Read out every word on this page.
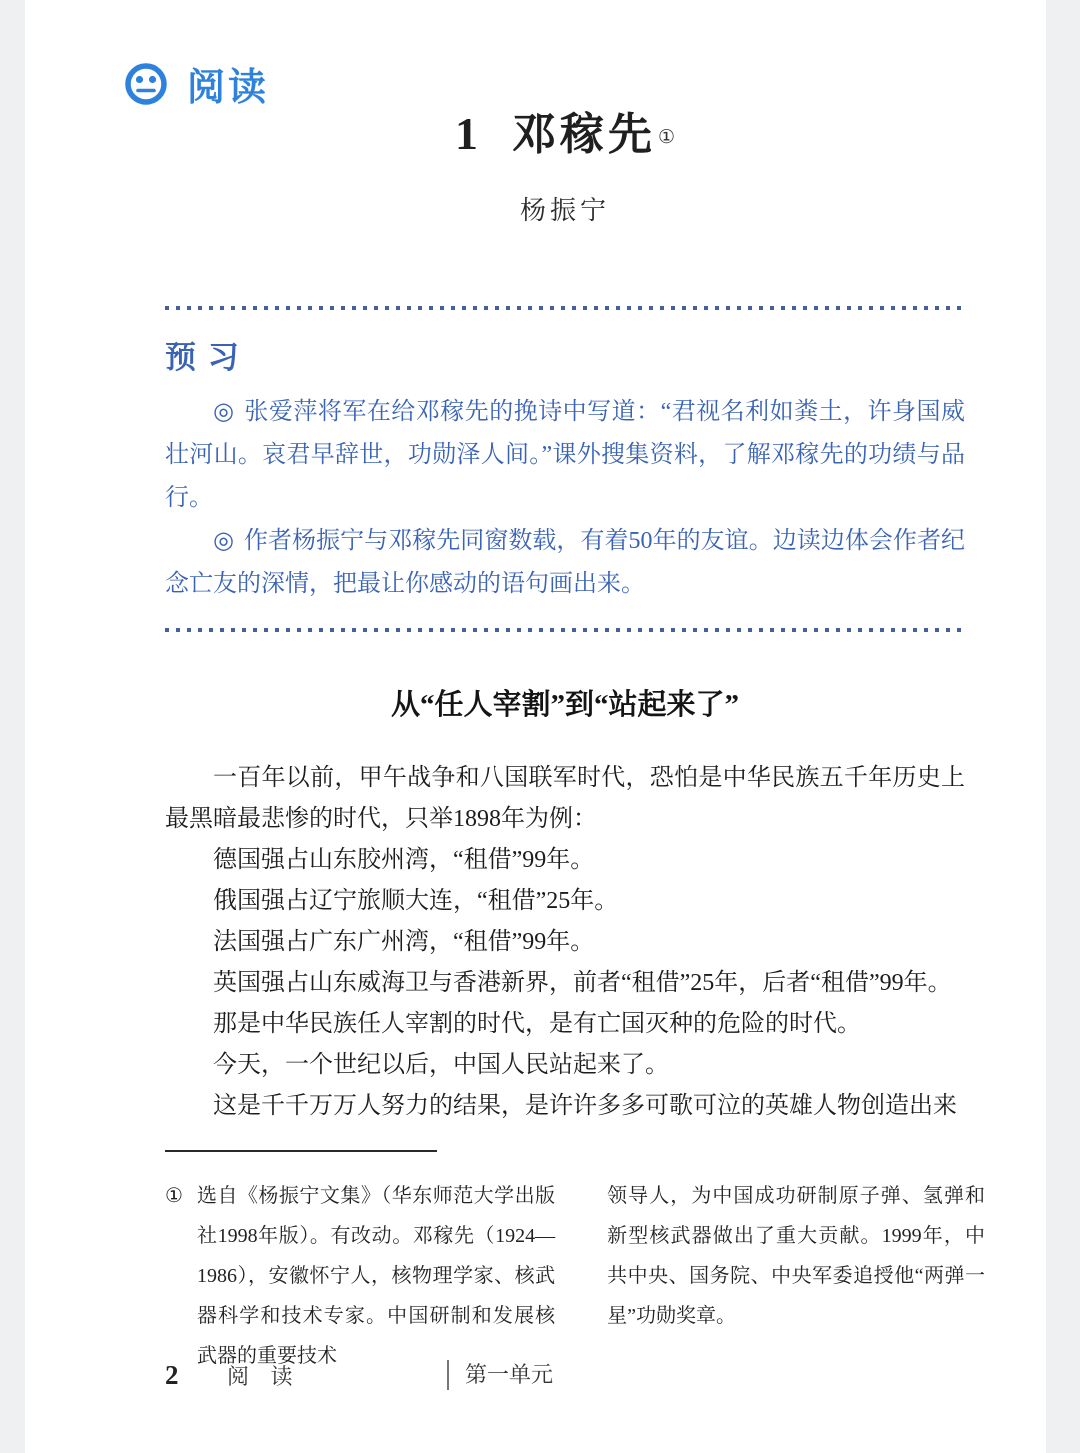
阅读
1 邓稼先 ①
杨振宁
预 习

◎ 张爱萍将军在给邓稼先的挽诗中写道：“君视名利如粪土，许身国威壮河山。哀君早辞世，功勋泽人间。”课外搜集资料，了解邓稼先的功绩与品行。

◎ 作者杨振宁与邓稼先同窗数载，有着50年的友谊。边读边体会作者纪念亡友的深情，把最让你感动的语句画出来。

从“任人宰割”到“站起来了”

一百年以前，甲午战争和八国联军时代，恐怕是中华民族五千年历史上最黑暗最悲惨的时代，只举1898年为例：

德国强占山东胶州湾，“租借”99年。

俄国强占辽宁旅顺大连，“租借”25年。

法国强占广东广州湾，“租借”99年。

英国强占山东威海卫与香港新界，前者“租借”25年，后者“租借”99年。

那是中华民族任人宰割的时代，是有亡国灭种的危险的时代。

今天，一个世纪以后，中国人民站起来了。

这是千千万万人努力的结果，是许许多多可歌可泣的英雄人物创造出来

① 选自《杨振宁文集》（华东师范大学出版社1998年版）。有改动。邓稼先（1924—1986），安徽怀宁人，核物理学家、核武器科学和技术专家。中国研制和发展核武器的重要技术
领导人，为中国成功研制原子弹、氢弹和新型核武器做出了重大贡献。1999年，中共中央、国务院、中央军委追授他“两弹一星”功勋奖章。
2 阅 读	第一单元
